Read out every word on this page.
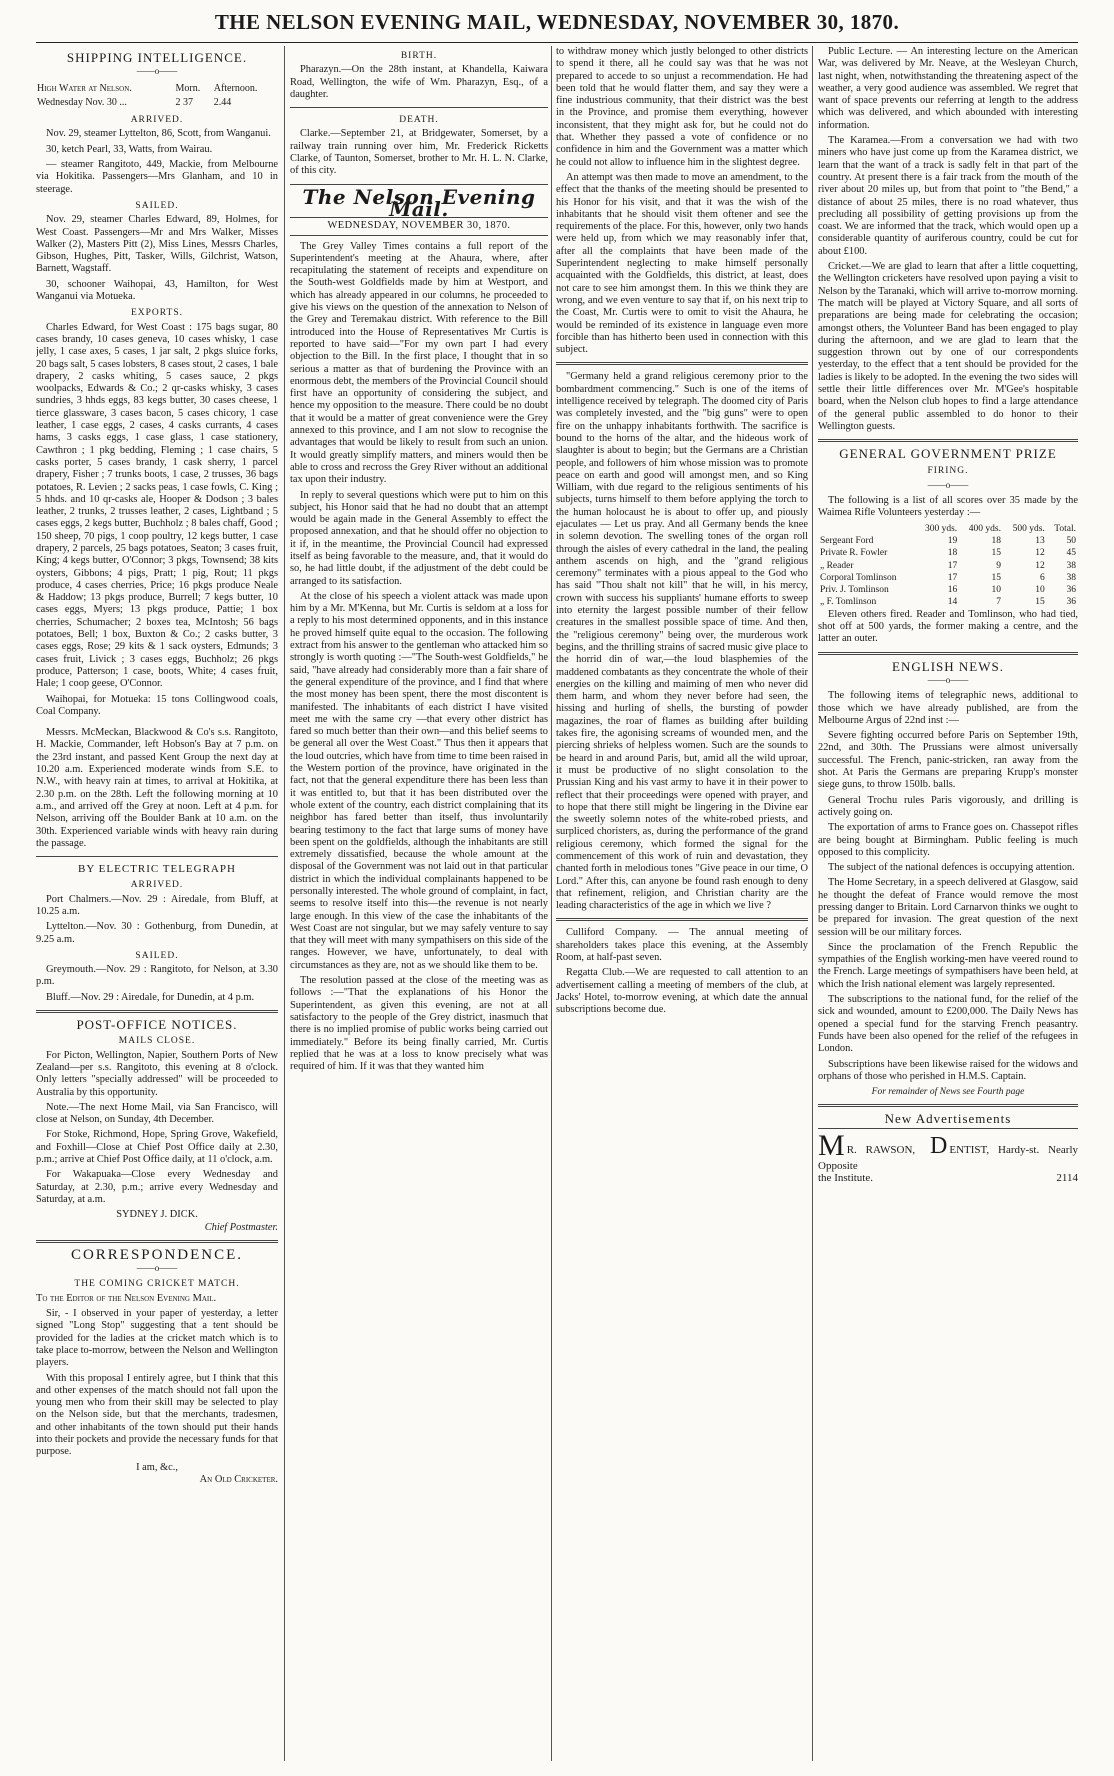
THE NELSON EVENING MAIL, WEDNESDAY, NOVEMBER 30, 1870.
SHIPPING INTELLIGENCE.
——o——
High Water at Nelson.	Morn.	Afternoon.
Wednesday Nov. 30 ...	2 37	2.44
ARRIVED.

Nov. 29, steamer Lyttelton, 86, Scott, from Wanganui.

30, ketch Pearl, 33, Watts, from Wairau.

— steamer Rangitoto, 449, Mackie, from Melbourne via Hokitika. Passengers—Mrs Glanham, and 10 in steerage.

SAILED.

Nov. 29, steamer Charles Edward, 89, Holmes, for West Coast. Passengers—Mr and Mrs Walker, Misses Walker (2), Masters Pitt (2), Miss Lines, Messrs Charles, Gibson, Hughes, Pitt, Tasker, Wills, Gilchrist, Watson, Barnett, Wagstaff.

30, schooner Waihopai, 43, Hamilton, for West Wanganui via Motueka.

EXPORTS.

Charles Edward, for West Coast : 175 bags sugar, 80 cases brandy, 10 cases geneva, 10 cases whisky, 1 case jelly, 1 case axes, 5 cases, 1 jar salt, 2 pkgs sluice forks, 20 bags salt, 5 cases lobsters, 8 cases stout, 2 cases, 1 bale drapery, 2 casks whiting, 5 cases sauce, 2 pkgs woolpacks, Edwards & Co.; 2 qr-casks whisky, 3 cases sundries, 3 hhds eggs, 83 kegs butter, 30 cases cheese, 1 tierce glassware, 3 cases bacon, 5 cases chicory, 1 case leather, 1 case eggs, 2 cases, 4 casks currants, 4 cases hams, 3 casks eggs, 1 case glass, 1 case stationery, Cawthron ; 1 pkg bedding, Fleming ; 1 case chairs, 5 casks porter, 5 cases brandy, 1 cask sherry, 1 parcel drapery, Fisher ; 7 trunks boots, 1 case, 2 trusses, 36 bags potatoes, R. Levien ; 2 sacks peas, 1 case fowls, C. King ; 5 hhds. and 10 qr-casks ale, Hooper & Dodson ; 3 bales leather, 2 trunks, 2 trusses leather, 2 cases, Lightband ; 5 cases eggs, 2 kegs butter, Buchholz ; 8 bales chaff, Good ; 150 sheep, 70 pigs, 1 coop poultry, 12 kegs butter, 1 case drapery, 2 parcels, 25 bags potatoes, Seaton; 3 cases fruit, King; 4 kegs butter, O'Connor; 3 pkgs, Townsend; 38 kits oysters, Gibbons; 4 pigs, Pratt; 1 pig, Rout; 11 pkgs produce, 4 cases cherries, Price; 16 pkgs produce Neale & Haddow; 13 pkgs produce, Burrell; 7 kegs butter, 10 cases eggs, Myers; 13 pkgs produce, Pattie; 1 box cherries, Schumacher; 2 boxes tea, McIntosh; 56 bags potatoes, Bell; 1 box, Buxton & Co.; 2 casks butter, 3 cases eggs, Rose; 29 kits & 1 sack oysters, Edmunds; 3 cases fruit, Livick ; 3 cases eggs, Buchholz; 26 pkgs produce, Patterson; 1 case, boots, White; 4 cases fruit, Hale; 1 coop geese, O'Connor.

Waihopai, for Motueka: 15 tons Collingwood coals, Coal Company.

Messrs. McMeckan, Blackwood & Co's s.s. Rangitoto, H. Mackie, Commander, left Hobson's Bay at 7 p.m. on the 23rd instant, and passed Kent Group the next day at 10.20 a.m. Experienced moderate winds from S.E. to N.W., with heavy rain at times, to arrival at Hokitika, at 2.30 p.m. on the 28th. Left the following morning at 10 a.m., and arrived off the Grey at noon. Left at 4 p.m. for Nelson, arriving off the Boulder Bank at 10 a.m. on the 30th. Experienced variable winds with heavy rain during the passage.

BY ELECTRIC TELEGRAPH
ARRIVED.

Port Chalmers.—Nov. 29 : Airedale, from Bluff, at 10.25 a.m.

Lyttelton.—Nov. 30 : Gothenburg, from Dunedin, at 9.25 a.m.

SAILED.

Greymouth.—Nov. 29 : Rangitoto, for Nelson, at 3.30 p.m.

Bluff.—Nov. 29 : Airedale, for Dunedin, at 4 p.m.

POST-OFFICE NOTICES.
MAILS CLOSE.

For Picton, Wellington, Napier, Southern Ports of New Zealand—per s.s. Rangitoto, this evening at 8 o'clock. Only letters "specially addressed" will be proceeded to Australia by this opportunity.

Note.—The next Home Mail, via San Francisco, will close at Nelson, on Sunday, 4th December.

For Stoke, Richmond, Hope, Spring Grove, Wakefield, and Foxhill—Close at Chief Post Office daily at 2.30, p.m.; arrive at Chief Post Office daily, at 11 o'clock, a.m.

For Wakapuaka—Close every Wednesday and Saturday, at 2.30, p.m.; arrive every Wednesday and Saturday, at a.m.

SYDNEY J. DICK.
Chief Postmaster.
CORRESPONDENCE.
——o——
THE COMING CRICKET MATCH.

To the Editor of the Nelson Evening Mail.

Sir, - I observed in your paper of yesterday, a letter signed "Long Stop" suggesting that a tent should be provided for the ladies at the cricket match which is to take place to-morrow, between the Nelson and Wellington players.

With this proposal I entirely agree, but I think that this and other expenses of the match should not fall upon the young men who from their skill may be selected to play on the Nelson side, but that the merchants, tradesmen, and other inhabitants of the town should put their hands into their pockets and provide the necessary funds for that purpose.

I am, &c.,
An Old Cricketer.
BIRTH.

Pharazyn.—On the 28th instant, at Khandella, Kaiwara Road, Wellington, the wife of Wm. Pharazyn, Esq., of a daughter.

DEATH.

Clarke.—September 21, at Bridgewater, Somerset, by a railway train running over him, Mr. Frederick Ricketts Clarke, of Taunton, Somerset, brother to Mr. H. L. N. Clarke, of this city.

The Nelson Evening Mail.
WEDNESDAY, NOVEMBER 30, 1870.

The Grey Valley Times contains a full report of the Superintendent's meeting at the Ahaura, where, after recapitulating the statement of receipts and expenditure on the South-west Goldfields made by him at Westport, and which has already appeared in our columns, he proceeded to give his views on the question of the annexation to Nelson of the Grey and Teremakau district. With reference to the Bill introduced into the House of Representatives Mr Curtis is reported to have said—"For my own part I had every objection to the Bill. In the first place, I thought that in so serious a matter as that of burdening the Province with an enormous debt, the members of the Provincial Council should first have an opportunity of considering the subject, and hence my opposition to the measure. There could be no doubt that it would be a matter of great convenience were the Grey annexed to this province, and I am not slow to recognise the advantages that would be likely to result from such an union. It would greatly simplify matters, and miners would then be able to cross and recross the Grey River without an additional tax upon their industry.

In reply to several questions which were put to him on this subject, his Honor said that he had no doubt that an attempt would be again made in the General Assembly to effect the proposed annexation, and that he should offer no objection to it if, in the meantime, the Provincial Council had expressed itself as being favorable to the measure, and, that it would do so, he had little doubt, if the adjustment of the debt could be arranged to its satisfaction.

At the close of his speech a violent attack was made upon him by a Mr. M'Kenna, but Mr. Curtis is seldom at a loss for a reply to his most determined opponents, and in this instance he proved himself quite equal to the occasion. The following extract from his answer to the gentleman who attacked him so strongly is worth quoting :—"The South-west Goldfields," he said, "have already had considerably more than a fair share of the general expenditure of the province, and I find that where the most money has been spent, there the most discontent is manifested. The inhabitants of each district I have visited meet me with the same cry —that every other district has fared so much better than their own—and this belief seems to be general all over the West Coast." Thus then it appears that the loud outcries, which have from time to time been raised in the Western portion of the province, have originated in the fact, not that the general expenditure there has been less than it was entitled to, but that it has been distributed over the whole extent of the country, each district complaining that its neighbor has fared better than itself, thus involuntarily bearing testimony to the fact that large sums of money have been spent on the goldfields, although the inhabitants are still extremely dissatisfied, because the whole amount at the disposal of the Government was not laid out in that particular district in which the individual complainants happened to be personally interested. The whole ground of complaint, in fact, seems to resolve itself into this—the revenue is not nearly large enough. In this view of the case the inhabitants of the West Coast are not singular, but we may safely venture to say that they will meet with many sympathisers on this side of the ranges. However, we have, unfortunately, to deal with circumstances as they are, not as we should like them to be.

The resolution passed at the close of the meeting was as follows :—"That the explanations of his Honor the Superintendent, as given this evening, are not at all satisfactory to the people of the Grey district, inasmuch that there is no implied promise of public works being carried out immediately." Before its being finally carried, Mr. Curtis replied that he was at a loss to know precisely what was required of him. If it was that they wanted him

to withdraw money which justly belonged to other districts to spend it there, all he could say was that he was not prepared to accede to so unjust a recommendation. He had been told that he would flatter them, and say they were a fine industrious community, that their district was the best in the Province, and promise them everything, however inconsistent, that they might ask for, but he could not do that. Whether they passed a vote of confidence or no confidence in him and the Government was a matter which he could not allow to influence him in the slightest degree.

An attempt was then made to move an amendment, to the effect that the thanks of the meeting should be presented to his Honor for his visit, and that it was the wish of the inhabitants that he should visit them oftener and see the requirements of the place. For this, however, only two hands were held up, from which we may reasonably infer that, after all the complaints that have been made of the Superintendent neglecting to make himself personally acquainted with the Goldfields, this district, at least, does not care to see him amongst them. In this we think they are wrong, and we even venture to say that if, on his next trip to the Coast, Mr. Curtis were to omit to visit the Ahaura, he would be reminded of its existence in language even more forcible than has hitherto been used in connection with this subject.

"Germany held a grand religious ceremony prior to the bombardment commencing." Such is one of the items of intelligence received by telegraph. The doomed city of Paris was completely invested, and the "big guns" were to open fire on the unhappy inhabitants forthwith. The sacrifice is bound to the horns of the altar, and the hideous work of slaughter is about to begin; but the Germans are a Christian people, and followers of him whose mission was to promote peace on earth and good will amongst men, and so King William, with due regard to the religious sentiments of his subjects, turns himself to them before applying the torch to the human holocaust he is about to offer up, and piously ejaculates — Let us pray. And all Germany bends the knee in solemn devotion. The swelling tones of the organ roll through the aisles of every cathedral in the land, the pealing anthem ascends on high, and the "grand religious ceremony" terminates with a pious appeal to the God who has said "Thou shalt not kill" that he will, in his mercy, crown with success his suppliants' humane efforts to sweep into eternity the largest possible number of their fellow creatures in the smallest possible space of time. And then, the "religious ceremony" being over, the murderous work begins, and the thrilling strains of sacred music give place to the horrid din of war,—the loud blasphemies of the maddened combatants as they concentrate the whole of their energies on the killing and maiming of men who never did them harm, and whom they never before had seen, the hissing and hurling of shells, the bursting of powder magazines, the roar of flames as building after building takes fire, the agonising screams of wounded men, and the piercing shrieks of helpless women. Such are the sounds to be heard in and around Paris, but, amid all the wild uproar, it must be productive of no slight consolation to the Prussian King and his vast army to have it in their power to reflect that their proceedings were opened with prayer, and to hope that there still might be lingering in the Divine ear the sweetly solemn notes of the white-robed priests, and surpliced choristers, as, during the performance of the grand religious ceremony, which formed the signal for the commencement of this work of ruin and devastation, they chanted forth in melodious tones "Give peace in our time, O Lord." After this, can anyone be found rash enough to deny that refinement, religion, and Christian charity are the leading characteristics of the age in which we live ?

Culliford Company. — The annual meeting of shareholders takes place this evening, at the Assembly Room, at half-past seven.

Regatta Club.—We are requested to call attention to an advertisement calling a meeting of members of the club, at Jacks' Hotel, to-morrow evening, at which date the annual subscriptions become due.

Public Lecture. — An interesting lecture on the American War, was delivered by Mr. Neave, at the Wesleyan Church, last night, when, notwithstanding the threatening aspect of the weather, a very good audience was assembled. We regret that want of space prevents our referring at length to the address which was delivered, and which abounded with interesting information.

The Karamea.—From a conversation we had with two miners who have just come up from the Karamea district, we learn that the want of a track is sadly felt in that part of the country. At present there is a fair track from the mouth of the river about 20 miles up, but from that point to "the Bend," a distance of about 25 miles, there is no road whatever, thus precluding all possibility of getting provisions up from the coast. We are informed that the track, which would open up a considerable quantity of auriferous country, could be cut for about £100.

Cricket.—We are glad to learn that after a little coquetting, the Wellington cricketers have resolved upon paying a visit to Nelson by the Taranaki, which will arrive to-morrow morning. The match will be played at Victory Square, and all sorts of preparations are being made for celebrating the occasion; amongst others, the Volunteer Band has been engaged to play during the afternoon, and we are glad to learn that the suggestion thrown out by one of our correspondents yesterday, to the effect that a tent should be provided for the ladies is likely to be adopted. In the evening the two sides will settle their little differences over Mr. M'Gee's hospitable board, when the Nelson club hopes to find a large attendance of the general public assembled to do honor to their Wellington guests.

GENERAL GOVERNMENT PRIZE
FIRING.
——o——

The following is a list of all scores over 35 made by the Waimea Rifle Volunteers yesterday :—

	300 yds.	400 yds.	500 yds.	Total.
Sergeant Ford	19	18	13	50
Private R. Fowler	18	15	12	45
„ Reader	17	9	12	38
Corporal Tomlinson	17	15	6	38
Priv. J. Tomlinson	16	10	10	36
„ F. Tomlinson	14	7	15	36

Eleven others fired. Reader and Tomlinson, who had tied, shot off at 500 yards, the former making a centre, and the latter an outer.

ENGLISH NEWS.
——o——

The following items of telegraphic news, additional to those which we have already published, are from the Melbourne Argus of 22nd inst :—

Severe fighting occurred before Paris on September 19th, 22nd, and 30th. The Prussians were almost universally successful. The French, panic-stricken, ran away from the shot. At Paris the Germans are preparing Krupp's monster siege guns, to throw 150lb. balls.

General Trochu rules Paris vigorously, and drilling is actively going on.

The exportation of arms to France goes on. Chassepot rifles are being bought at Birmingham. Public feeling is much opposed to this complicity.

The subject of the national defences is occupying attention.

The Home Secretary, in a speech delivered at Glasgow, said he thought the defeat of France would remove the most pressing danger to Britain. Lord Carnarvon thinks we ought to be prepared for invasion. The great question of the next session will be our military forces.

Since the proclamation of the French Republic the sympathies of the English working-men have veered round to the French. Large meetings of sympathisers have been held, at which the Irish national element was largely represented.

The subscriptions to the national fund, for the relief of the sick and wounded, amount to £200,000. The Daily News has opened a special fund for the starving French peasantry. Funds have been also opened for the relief of the refugees in London.

Subscriptions have been likewise raised for the widows and orphans of those who perished in H.M.S. Captain.

For remainder of News see Fourth page
New Advertisements
M R. RAWSON, D ENTIST, Hardy-st. Nearly Opposite
the Institute.	2114
